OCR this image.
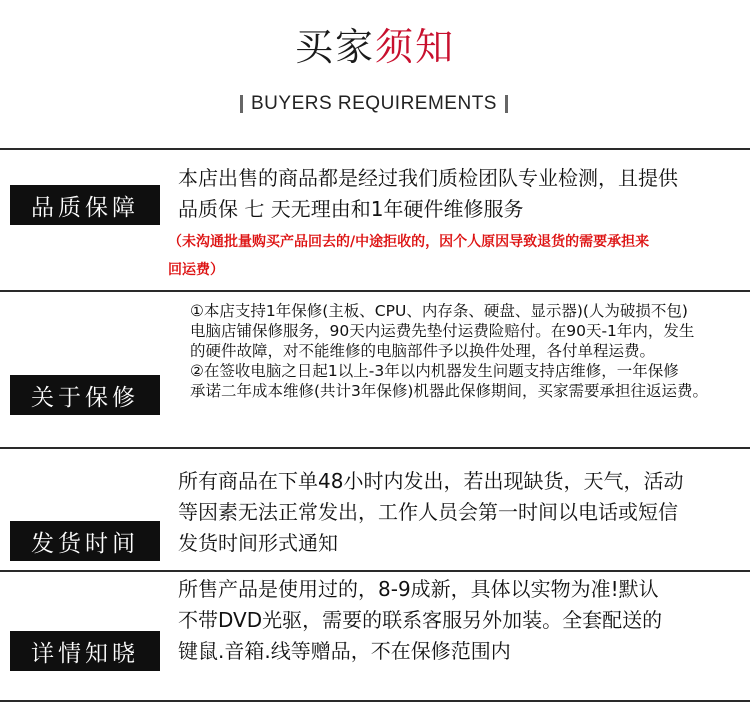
买家须知
BUYERS REQUIREMENTS
品质保障
本店出售的商品都是经过我们质检团队专业检测，且提供
品质保 七 天无理由和1年硬件维修服务
（未沟通批量购买产品回去的/中途拒收的，因个人原因导致退货的需要承担来
回运费）
关于保修
①本店支持1年保修(主板、CPU、内存条、硬盘、显示器)(人为破损不包)
电脑店铺保修服务，90天内运费先垫付运费险赔付。在90天-1年内，发生
的硬件故障，对不能维修的电脑部件予以换件处理，各付单程运费。
②在签收电脑之日起1以上-3年以内机器发生问题支持店维修，一年保修
承诺二年成本维修(共计3年保修)机器此保修期间，买家需要承担往返运费。
发货时间
所有商品在下单48小时内发出，若出现缺货，天气，活动
等因素无法正常发出，工作人员会第一时间以电话或短信
发货时间形式通知
详情知晓
所售产品是使用过的，8-9成新，具体以实物为准!默认
不带DVD光驱，需要的联系客服另外加装。全套配送的
键鼠.音箱.线等赠品，不在保修范围内
